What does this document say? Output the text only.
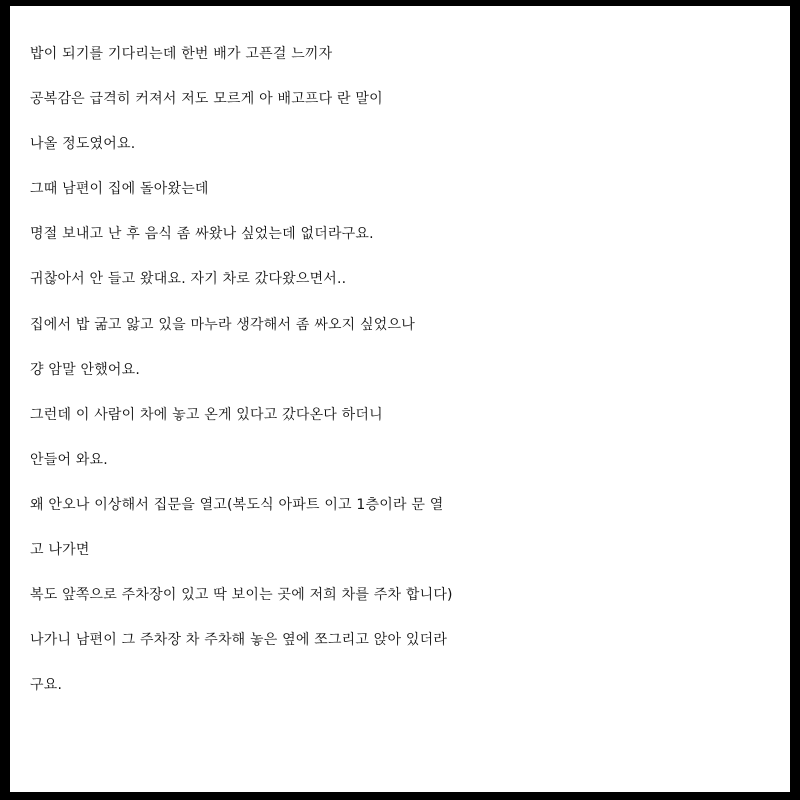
밥이 되기를 기다리는데 한번 배가 고픈걸 느끼자
공복감은 급격히 커져서 저도 모르게 아 배고프다 란 말이
나올 정도였어요.
그때 남편이 집에 돌아왔는데
명절 보내고 난 후 음식 좀 싸왔나 싶었는데 없더라구요.
귀찮아서 안 들고 왔대요. 자기 차로 갔다왔으면서..
집에서 밥 굶고 앓고 있을 마누라 생각해서 좀 싸오지 싶었으나
걍 암말 안했어요.
그런데 이 사람이 차에 놓고 온게 있다고 갔다온다 하더니
안들어 와요.
왜 안오나 이상해서 집문을 열고(복도식 아파트 이고 1층이라 문 열
고 나가면
복도 앞쪽으로 주차장이 있고 딱 보이는 곳에 저희 차를 주차 합니다)
나가니 남편이 그 주차장 차 주차해 놓은 옆에 쪼그리고 앉아 있더라
구요.
